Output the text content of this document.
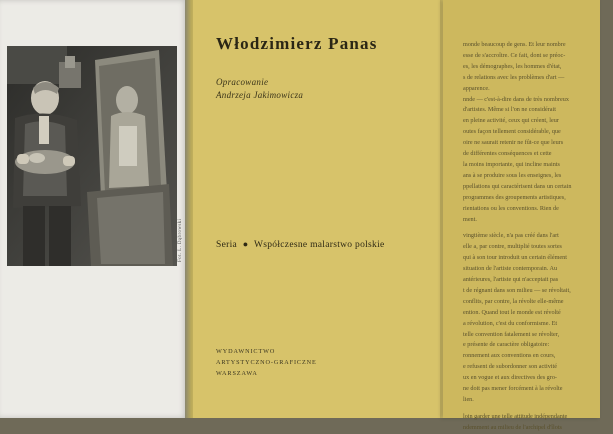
Fot. L. Dąbrowski
Włodzimierz Panas
Opracowanie
Andrzeja Jakimowicza
Seria ● Współczesne malarstwo polskie
WYDAWNICTWO
ARTYSTYCZNO-GRAFICZNE
WARSZAWA

monde beaucoup de gens. Et leur nombre

esse de s'accroître. Ce fait, dont se préoc-

es, les démographes, les hommes d'état,

s de relations avec les problèmes d'art —

apparence.

nnde — c'est-à-dire dans de très nombreux

d'artistes. Même si l'on ne considérait

en pleine activité, ceux qui créent, leur

outes façon tellement considérable, que

oire ne saurait retenir ne fût-ce que leurs

de différentes conséquences et cette

la moins importante, qui incline maints

ans à se produire sous les enseignes, les

ppellations qui caractérisent dans un certain

programmes des groupements artistiques,

rientations ou les conventions. Rien de

ment.

vingtième siècle, n'a pas créé dans l'art

elle a, par contre, multiplié toutes sortes

qui à son tour introduit un certain élément

situation de l'artiste contemporain. Au

antérieures, l'artiste qui n'acceptait pas

t de régnant dans son milieu — se révoltait,

conflits, par contre, la révolte elle-même

ention. Quand tout le monde est révolté

a révolution, c'est du conformisme. Et

telle convention fatalement se révolter,

e présente de caractère obligatoire:

ronnement aux conventions en cours,

e refusent de subordonner son activité

ux en vogue et aux directives des gro-

ne doit pas mener forcément à la révolte

lien.

loin garder une telle attitude indépendante

ndemment au milieu de l'archipel d'îlots
